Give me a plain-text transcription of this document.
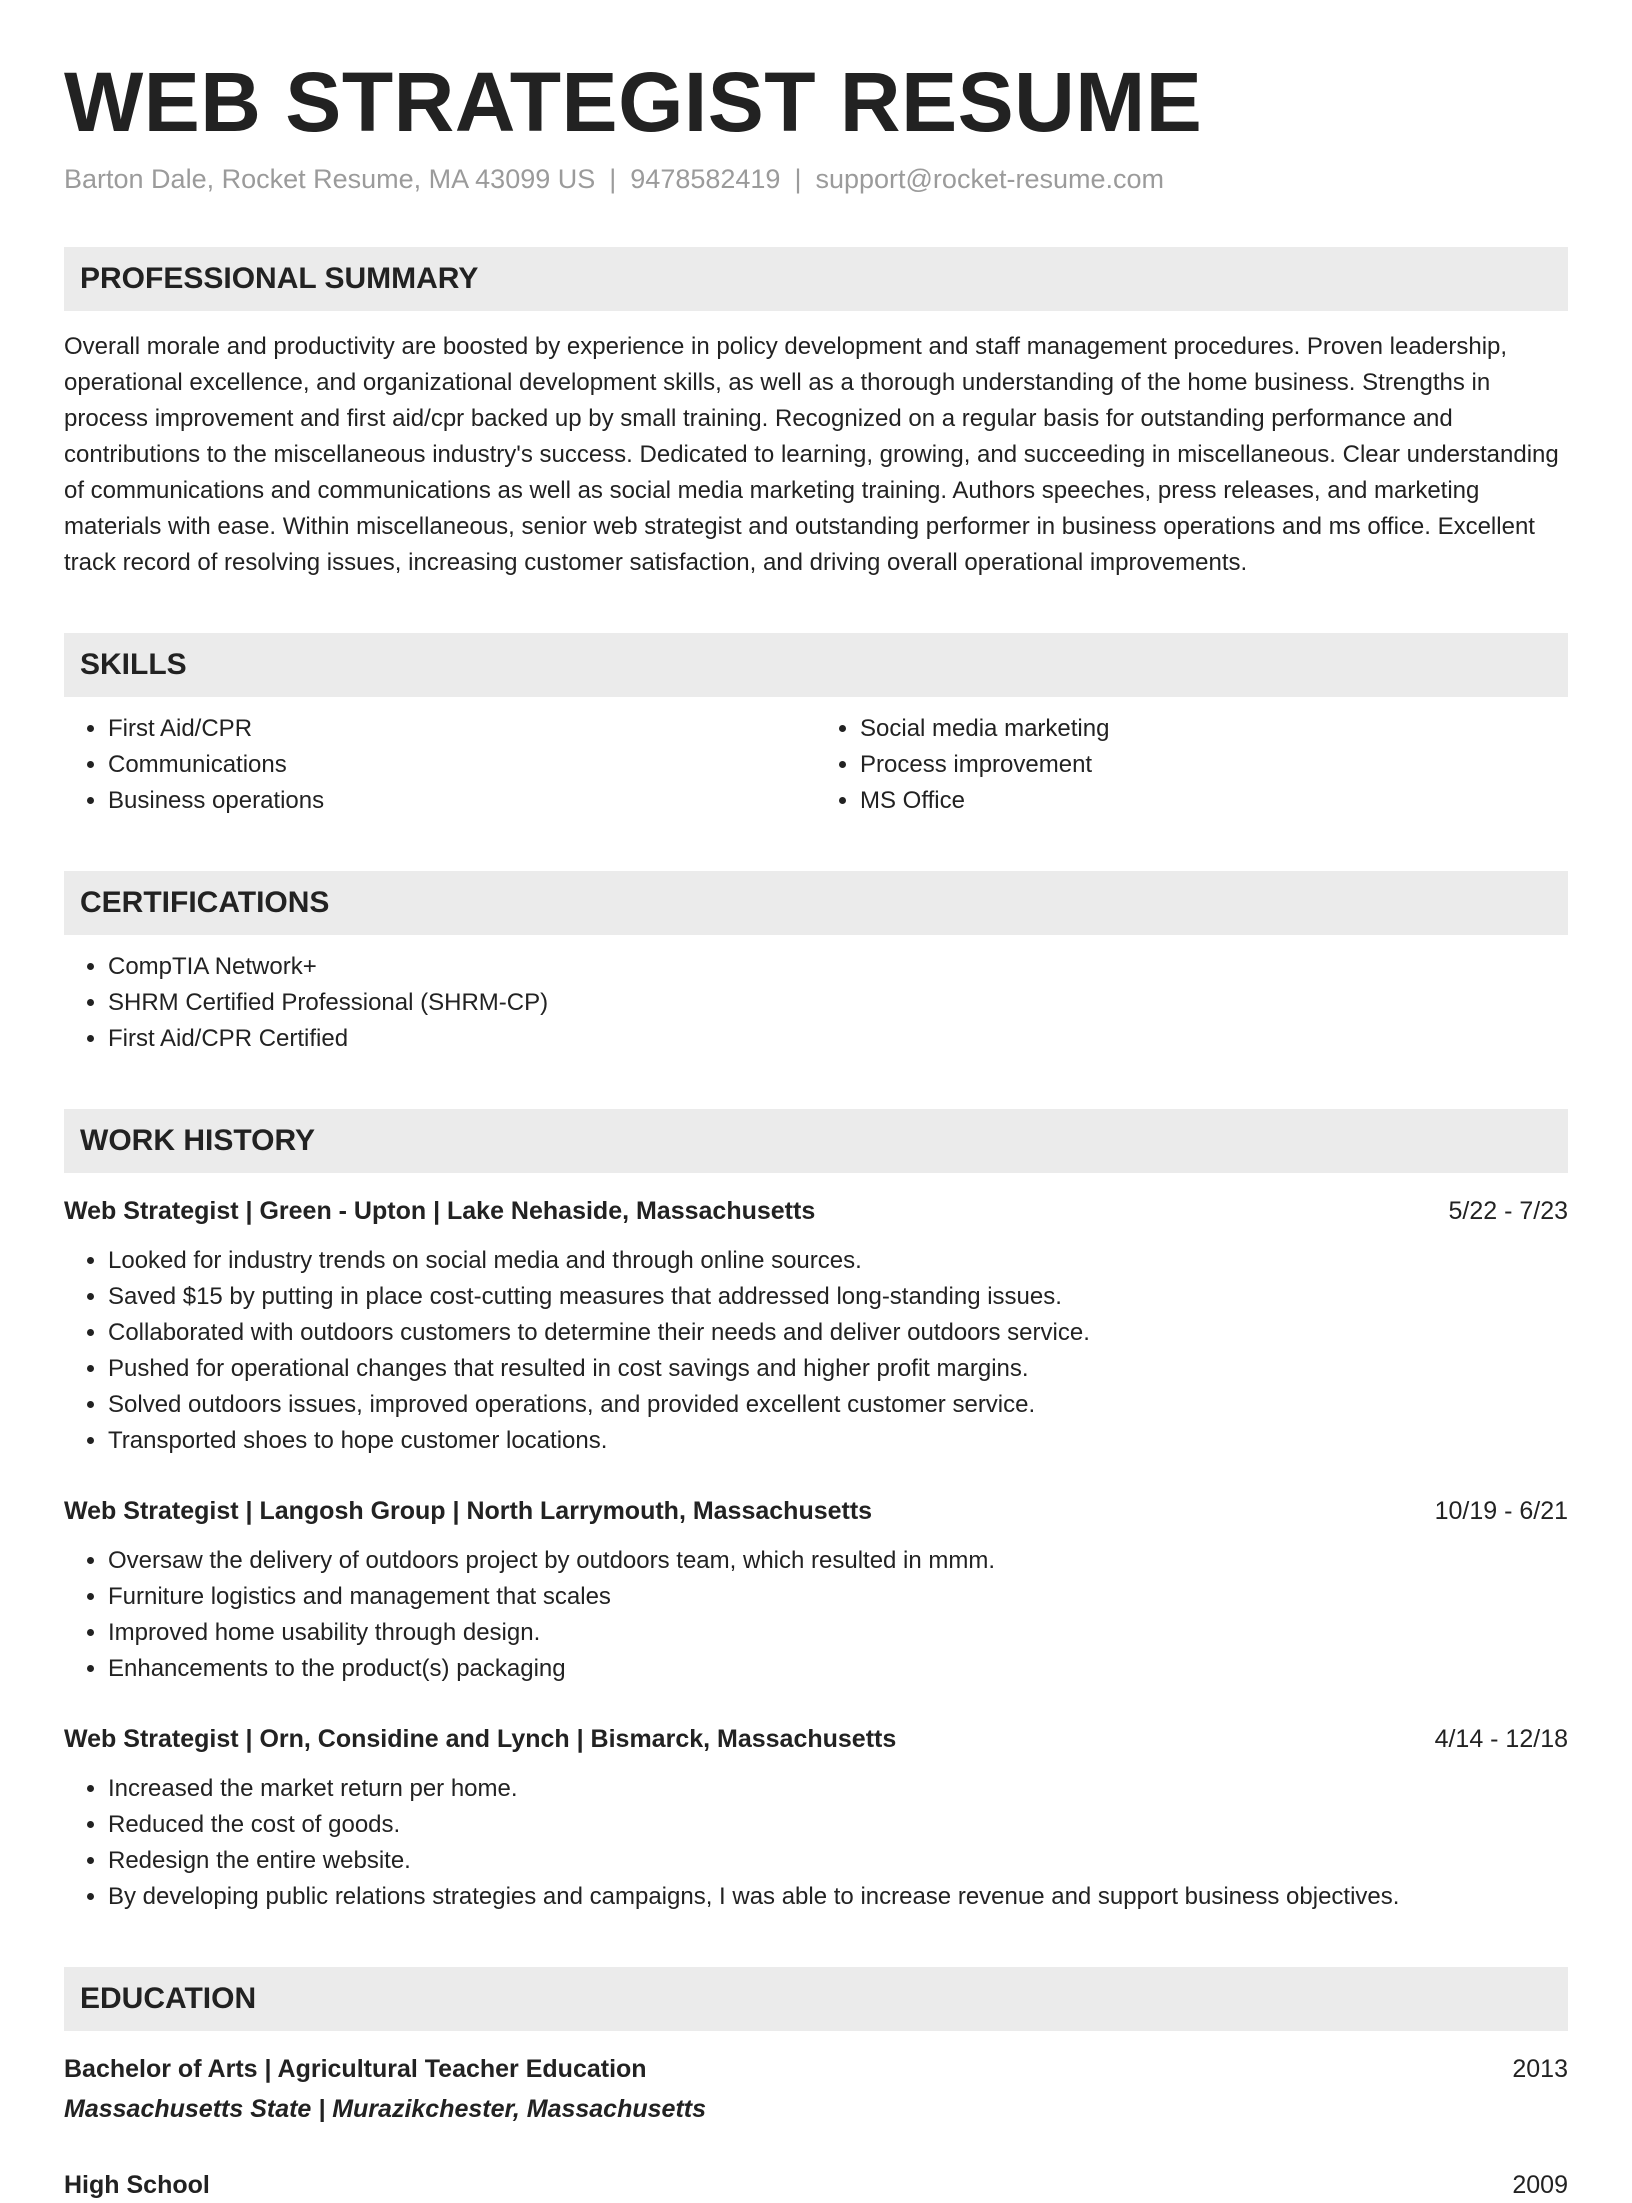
WEB STRATEGIST RESUME
Barton Dale, Rocket Resume, MA 43099 US | 9478582419 | support@rocket-resume.com
PROFESSIONAL SUMMARY
Overall morale and productivity are boosted by experience in policy development and staff management procedures. Proven leadership, operational excellence, and organizational development skills, as well as a thorough understanding of the home business. Strengths in process improvement and first aid/cpr backed up by small training. Recognized on a regular basis for outstanding performance and contributions to the miscellaneous industry's success. Dedicated to learning, growing, and succeeding in miscellaneous. Clear understanding of communications and communications as well as social media marketing training. Authors speeches, press releases, and marketing materials with ease. Within miscellaneous, senior web strategist and outstanding performer in business operations and ms office. Excellent track record of resolving issues, increasing customer satisfaction, and driving overall operational improvements.
SKILLS
• First Aid/CPR
• Communications
• Business operations
• Social media marketing
• Process improvement
• MS Office
CERTIFICATIONS
• CompTIA Network+
• SHRM Certified Professional (SHRM-CP)
• First Aid/CPR Certified
WORK HISTORY
Web Strategist | Green - Upton | Lake Nehaside, Massachusetts	5/22 - 7/23
• Looked for industry trends on social media and through online sources.
• Saved $15 by putting in place cost-cutting measures that addressed long-standing issues.
• Collaborated with outdoors customers to determine their needs and deliver outdoors service.
• Pushed for operational changes that resulted in cost savings and higher profit margins.
• Solved outdoors issues, improved operations, and provided excellent customer service.
• Transported shoes to hope customer locations.
Web Strategist | Langosh Group | North Larrymouth, Massachusetts	10/19 - 6/21
• Oversaw the delivery of outdoors project by outdoors team, which resulted in mmm.
• Furniture logistics and management that scales
• Improved home usability through design.
• Enhancements to the product(s) packaging
Web Strategist | Orn, Considine and Lynch | Bismarck, Massachusetts	4/14 - 12/18
• Increased the market return per home.
• Reduced the cost of goods.
• Redesign the entire website.
• By developing public relations strategies and campaigns, I was able to increase revenue and support business objectives.
EDUCATION
Bachelor of Arts | Agricultural Teacher Education	2013
Massachusetts State | Murazikchester, Massachusetts
High School	2009
